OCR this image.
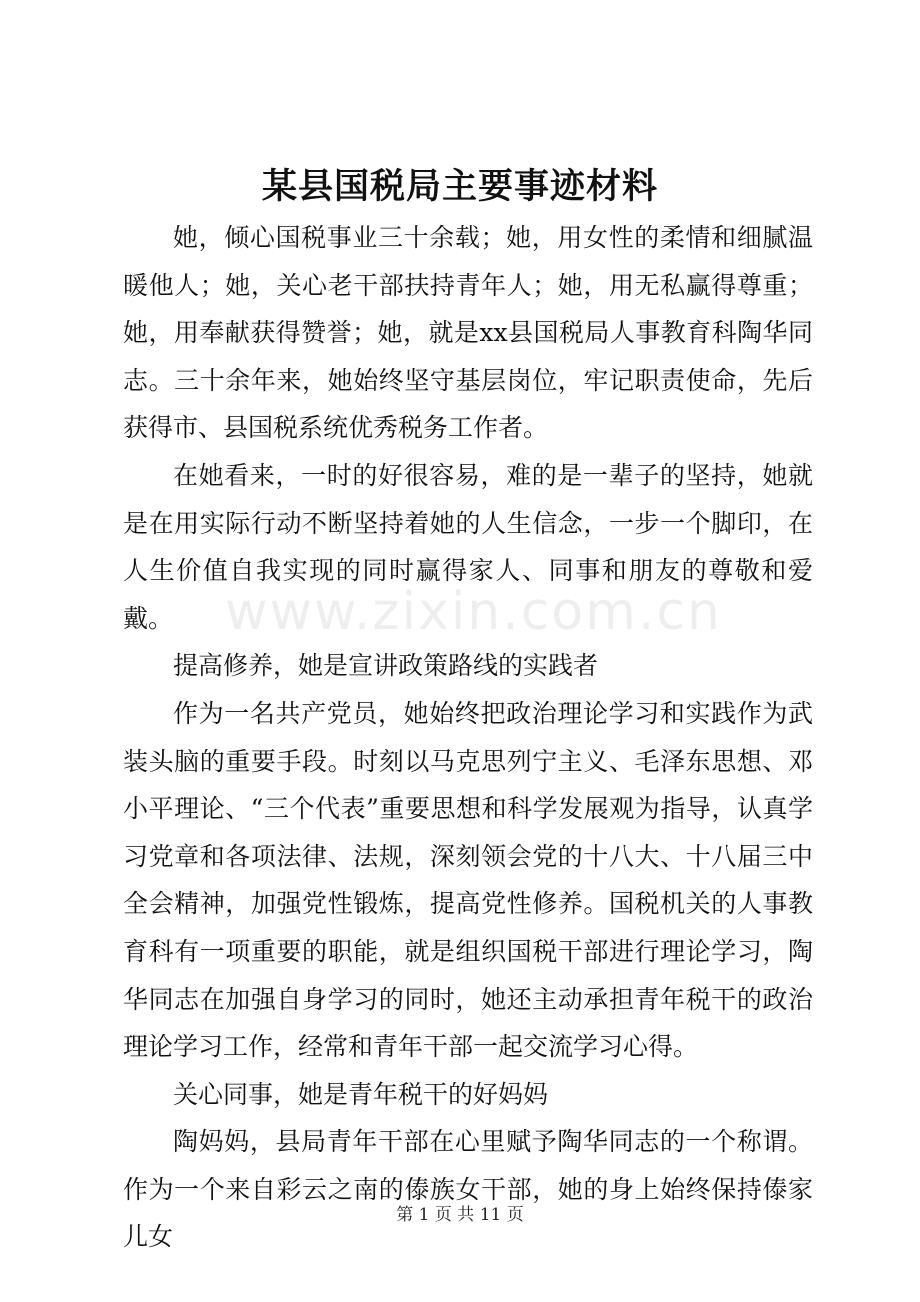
某县国税局主要事迹材料

她，倾心国税事业三十余载；她，用女性的柔情和细腻温暖他人；她，关心老干部扶持青年人；她，用无私赢得尊重；她，用奉献获得赞誉；她，就是xx县国税局人事教育科陶华同志。三十余年来，她始终坚守基层岗位，牢记职责使命，先后获得市、县国税系统优秀税务工作者。

在她看来，一时的好很容易，难的是一辈子的坚持，她就是在用实际行动不断坚持着她的人生信念，一步一个脚印，在人生价值自我实现的同时赢得家人、同事和朋友的尊敬和爱戴。

提高修养，她是宣讲政策路线的实践者

作为一名共产党员，她始终把政治理论学习和实践作为武装头脑的重要手段。时刻以马克思列宁主义、毛泽东思想、邓小平理论、“三个代表”重要思想和科学发展观为指导，认真学习党章和各项法律、法规，深刻领会党的十八大、十八届三中全会精神，加强党性锻炼，提高党性修养。国税机关的人事教育科有一项重要的职能，就是组织国税干部进行理论学习，陶华同志在加强自身学习的同时，她还主动承担青年税干的政治理论学习工作，经常和青年干部一起交流学习心得。

关心同事，她是青年税干的好妈妈

陶妈妈，县局青年干部在心里赋予陶华同志的一个称谓。作为一个来自彩云之南的傣族女干部，她的身上始终保持傣家儿女

www.zixin.com.cn
第 1 页 共 11 页
